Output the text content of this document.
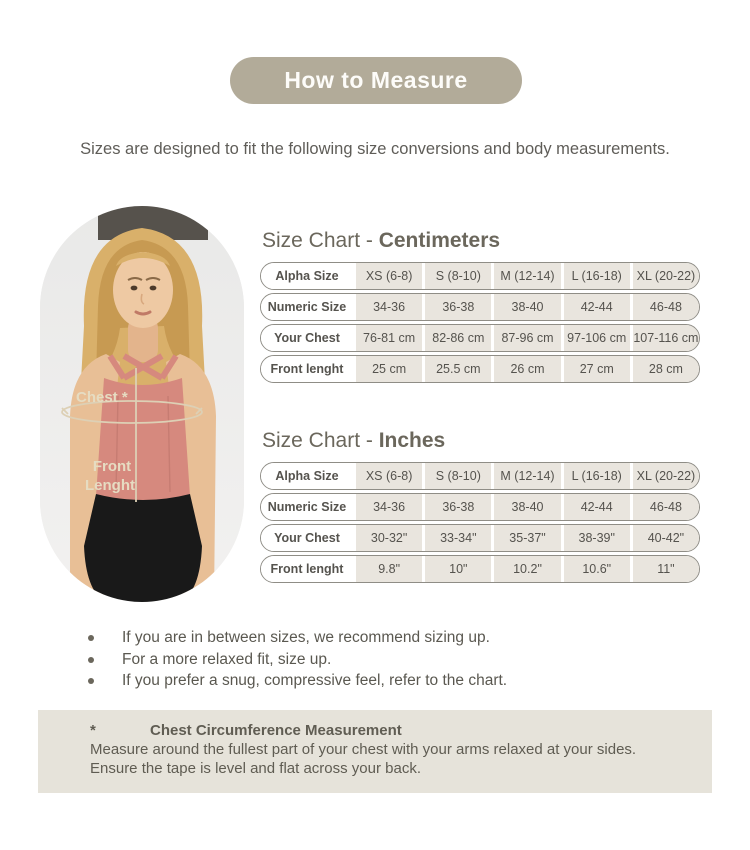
How to Measure
Sizes are designed to fit the following size conversions and body measurements.
Chest *
Front
Lenght
Size Chart - Centimeters
Alpha Size	XS (6-8)	S (8-10)	M (12-14)	L (16-18)	XL (20-22)
Numeric Size	34-36	36-38	38-40	42-44	46-48
Your Chest	76-81 cm	82-86 cm	87-96 cm	97-106 cm 107-116 cm
Front lenght	25 cm	25.5 cm	26 cm	27 cm	28 cm
Size Chart - Inches
Alpha Size	XS (6-8)	S (8-10)	M (12-14)	L (16-18)	XL (20-22)
Numeric Size	34-36	36-38	38-40	42-44	46-48
Your Chest	30-32"	33-34"	35-37"	38-39"	40-42"
Front lenght	9.8"	10"	10.2"	10.6"	11"
If you are in between sizes, we recommend sizing up.
For a more relaxed fit, size up.
If you prefer a snug, compressive feel, refer to the chart.
*	Chest Circumference Measurement
Measure around the fullest part of your chest with your arms relaxed at your sides.
Ensure the tape is level and flat across your back.
